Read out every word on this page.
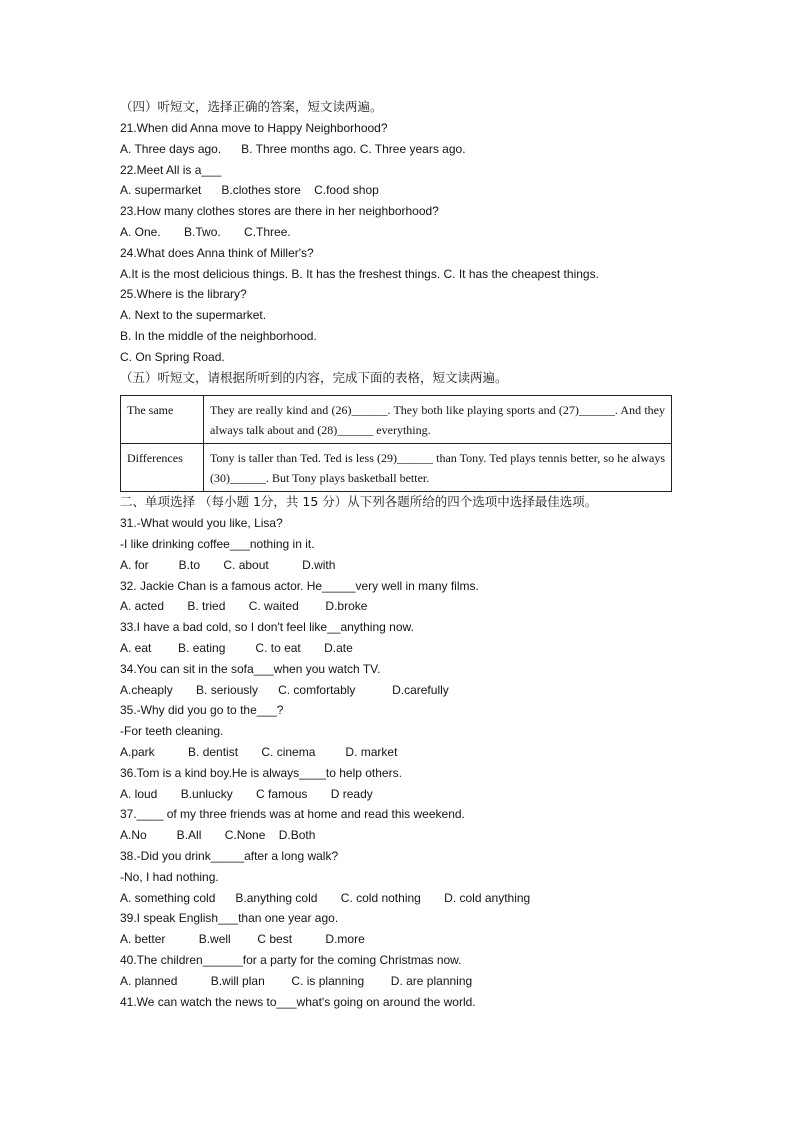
（四）听短文，选择正确的答案，短文读两遍。
21.When did Anna move to Happy Neighborhood?
A. Three days ago.      B. Three months ago. C. Three years ago.
22.Meet All is a___
A. supermarket      B.clothes store    C.food shop
23.How many clothes stores are there in her neighborhood?
A. One.       B.Two.       C.Three.
24.What does Anna think of Miller's?
A.It is the most delicious things. B. It has the freshest things. C. It has the cheapest things.
25.Where is the library?
A. Next to the supermarket.
B. In the middle of the neighborhood.
C. On Spring Road.
（五）听短文，请根据所听到的内容，完成下面的表格，短文读两遍。
The same	They are really kind and (26)______. They both like playing sports and (27)______. And they always talk about and (28)______ everything.
Differences	Tony is taller than Ted. Ted is less (29)______ than Tony. Ted plays tennis better, so he always (30)______. But Tony plays basketball better.
二、单项选择 （每小题 1分，共 15 分）从下列各题所给的四个选项中选择最佳选项。
31.-What would you like, Lisa?
-I like drinking coffee___nothing in it.
A. for         B.to       C. about          D.with
32. Jackie Chan is a famous actor. He_____very well in many films.
A. acted       B. tried       C. waited        D.broke
33.I have a bad cold, so I don't feel like__anything now.
A. eat        B. eating         C. to eat       D.ate
34.You can sit in the sofa___when you watch TV.
A.cheaply       B. seriously      C. comfortably           D.carefully
35.-Why did you go to the___?
-For teeth cleaning.
A.park          B. dentist       C. cinema         D. market
36.Tom is a kind boy.He is always____to help others.
A. loud       B.unlucky       C famous       D ready
37.____ of my three friends was at home and read this weekend.
A.No         B.All       C.None    D.Both
38.-Did you drink_____after a long walk?
-No, I had nothing.
A. something cold      B.anything cold       C. cold nothing       D. cold anything
39.I speak English___than one year ago.
A. better          B.well        C best          D.more
40.The children______for a party for the coming Christmas now.
A. planned          B.will plan        C. is planning        D. are planning
41.We can watch the news to___what's going on around the world.
